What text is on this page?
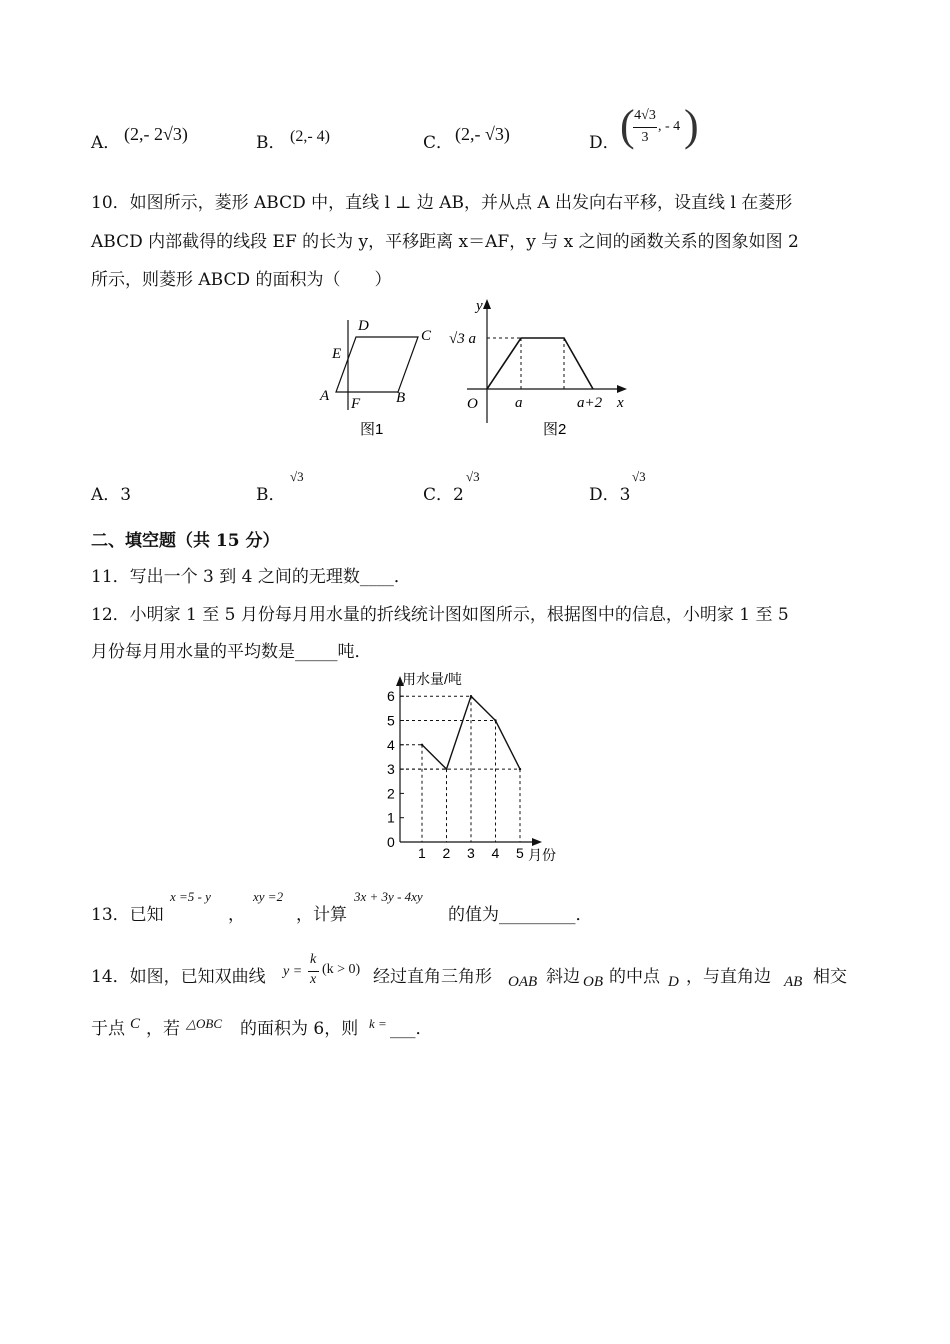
A． (2,- 2√3)	B． (2,- 4)	C． (2,- √3)	D． ( 4√3
3
, - 4 )
10．如图所示，菱形 ABCD 中，直线 l ⊥ 边 AB，并从点 A 出发向右平移，设直线 l 在菱形
ABCD 内部截得的线段 EF 的长为 y，平移距离 x＝AF，y 与 x 之间的函数关系的图象如图 2
所示，则菱形 ABCD 的面积为（　　）
D
C
E
A	B
F
图1
y
√3 a
O a	a+2 x
图2
A．3	B．
√3
C．2
√3
D．3
√3
二、填空题（共 15 分）
11．写出一个 3 到 4 之间的无理数____．
12．小明家 1 至 5 月份每月用水量的折线统计图如图所示，根据图中的信息，小明家 1 至 5
月份每月用水量的平均数是_____吨．
用水量/吨
月份
0
1
2
3
4
5
6
1 2 3 4 5
13．已知
x =5 - y
，
xy =2
，计算
3x + 3y - 4xy
的值为_________．
14．如图，已知双曲线 y =
k
x
(k > 0) 经过直角三角形 OAB 斜边 OB 的中点 D ，与直角边 AB 相交
于点 C ，若 △OBC 的面积为 6，则 k = ___．
